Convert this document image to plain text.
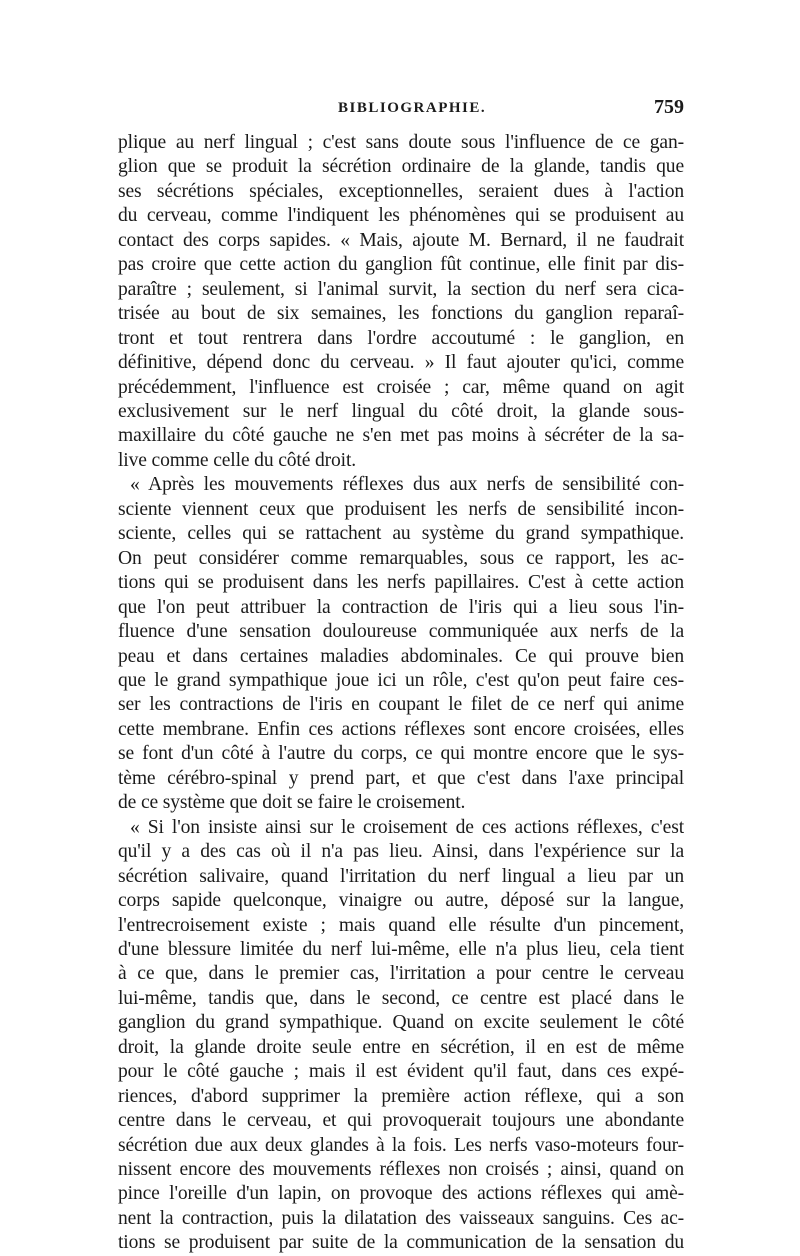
BIBLIOGRAPHIE.	759

plique au nerf lingual ; c'est sans doute sous l'influence de ce gan-

glion que se produit la sécrétion ordinaire de la glande, tandis que

ses sécrétions spéciales, exceptionnelles, seraient dues à l'action

du cerveau, comme l'indiquent les phénomènes qui se produisent au

contact des corps sapides. « Mais, ajoute M. Bernard, il ne faudrait

pas croire que cette action du ganglion fût continue, elle finit par dis-

paraître ; seulement, si l'animal survit, la section du nerf sera cica-

trisée au bout de six semaines, les fonctions du ganglion reparaî-

tront et tout rentrera dans l'ordre accoutumé : le ganglion, en

définitive, dépend donc du cerveau. » Il faut ajouter qu'ici, comme

précédemment, l'influence est croisée ; car, même quand on agit

exclusivement sur le nerf lingual du côté droit, la glande sous-

maxillaire du côté gauche ne s'en met pas moins à sécréter de la sa-

live comme celle du côté droit.

« Après les mouvements réflexes dus aux nerfs de sensibilité con-

sciente viennent ceux que produisent les nerfs de sensibilité incon-

sciente, celles qui se rattachent au système du grand sympathique.

On peut considérer comme remarquables, sous ce rapport, les ac-

tions qui se produisent dans les nerfs papillaires. C'est à cette action

que l'on peut attribuer la contraction de l'iris qui a lieu sous l'in-

fluence d'une sensation douloureuse communiquée aux nerfs de la

peau et dans certaines maladies abdominales. Ce qui prouve bien

que le grand sympathique joue ici un rôle, c'est qu'on peut faire ces-

ser les contractions de l'iris en coupant le filet de ce nerf qui anime

cette membrane. Enfin ces actions réflexes sont encore croisées, elles

se font d'un côté à l'autre du corps, ce qui montre encore que le sys-

tème cérébro-spinal y prend part, et que c'est dans l'axe principal

de ce système que doit se faire le croisement.

« Si l'on insiste ainsi sur le croisement de ces actions réflexes, c'est

qu'il y a des cas où il n'a pas lieu. Ainsi, dans l'expérience sur la

sécrétion salivaire, quand l'irritation du nerf lingual a lieu par un

corps sapide quelconque, vinaigre ou autre, déposé sur la langue,

l'entrecroisement existe ; mais quand elle résulte d'un pincement,

d'une blessure limitée du nerf lui-même, elle n'a plus lieu, cela tient

à ce que, dans le premier cas, l'irritation a pour centre le cerveau

lui-même, tandis que, dans le second, ce centre est placé dans le

ganglion du grand sympathique. Quand on excite seulement le côté

droit, la glande droite seule entre en sécrétion, il en est de même

pour le côté gauche ; mais il est évident qu'il faut, dans ces expé-

riences, d'abord supprimer la première action réflexe, qui a son

centre dans le cerveau, et qui provoquerait toujours une abondante

sécrétion due aux deux glandes à la fois. Les nerfs vaso-moteurs four-

nissent encore des mouvements réflexes non croisés ; ainsi, quand on

pince l'oreille d'un lapin, on provoque des actions réflexes qui amè-

nent la contraction, puis la dilatation des vaisseaux sanguins. Ces ac-

tions se produisent par suite de la communication de la sensation du
